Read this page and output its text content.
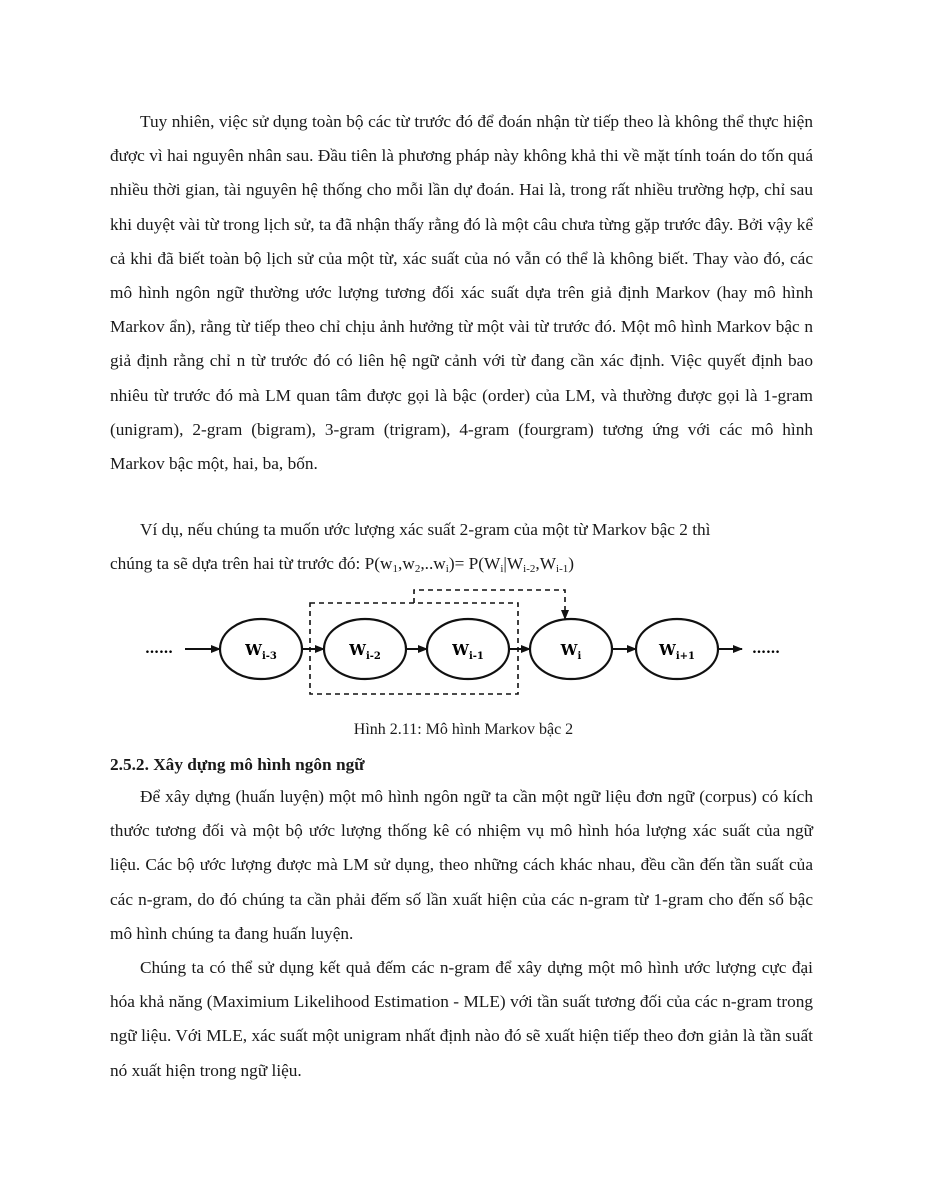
Tuy nhiên, việc sử dụng toàn bộ các từ trước đó để đoán nhận từ tiếp theo là không thể thực hiện được vì hai nguyên nhân sau. Đầu tiên là phương pháp này không khả thi về mặt tính toán do tốn quá nhiều thời gian, tài nguyên hệ thống cho mỗi lần dự đoán. Hai là, trong rất nhiều trường hợp, chỉ sau khi duyệt vài từ trong lịch sử, ta đã nhận thấy rằng đó là một câu chưa từng gặp trước đây. Bởi vậy kể cả khi đã biết toàn bộ lịch sử của một từ, xác suất của nó vẫn có thể là không biết. Thay vào đó, các mô hình ngôn ngữ thường ước lượng tương đối xác suất dựa trên giả định Markov (hay mô hình Markov ẩn), rằng từ tiếp theo chỉ chịu ảnh hưởng từ một vài từ trước đó. Một mô hình Markov bậc n giả định rằng chỉ n từ trước đó có liên hệ ngữ cảnh với từ đang cần xác định. Việc quyết định bao nhiêu từ trước đó mà LM quan tâm được gọi là bậc (order) của LM, và thường được gọi là 1-gram (unigram), 2-gram (bigram), 3-gram (trigram), 4-gram (fourgram) tương ứng với các mô hình Markov bậc một, hai, ba, bốn.

Ví dụ, nếu chúng ta muốn ước lượng xác suất 2-gram của một từ Markov bậc 2 thì
chúng ta sẽ dựa trên hai từ trước đó: $P(w_1,w_2,..w_i)= P(W_i|W_{i-2},W_{i-1})$
……	……
$W_{i-3}$	$W_{i-2}$	$W_{i-1}$	$W_i$	$W_{i+1}$

Hình 2.11: Mô hình Markov bậc 2

2.5.2. Xây dựng mô hình ngôn ngữ

Để xây dựng (huấn luyện) một mô hình ngôn ngữ ta cần một ngữ liệu đơn ngữ (corpus) có kích thước tương đối và một bộ ước lượng thống kê có nhiệm vụ mô hình hóa lượng xác suất của ngữ liệu. Các bộ ước lượng được mà LM sử dụng, theo những cách khác nhau, đều cần đến tần suất của các n-gram, do đó chúng ta cần phải đếm số lần xuất hiện của các n-gram từ 1-gram cho đến số bậc mô hình chúng ta đang huấn luyện.

Chúng ta có thể sử dụng kết quả đếm các n-gram để xây dựng một mô hình ước lượng cực đại hóa khả năng (Maximium Likelihood Estimation - MLE) với tần suất tương đối của các n-gram trong ngữ liệu. Với MLE, xác suất một unigram nhất định nào đó sẽ xuất hiện tiếp theo đơn giản là tần suất nó xuất hiện trong ngữ liệu.
